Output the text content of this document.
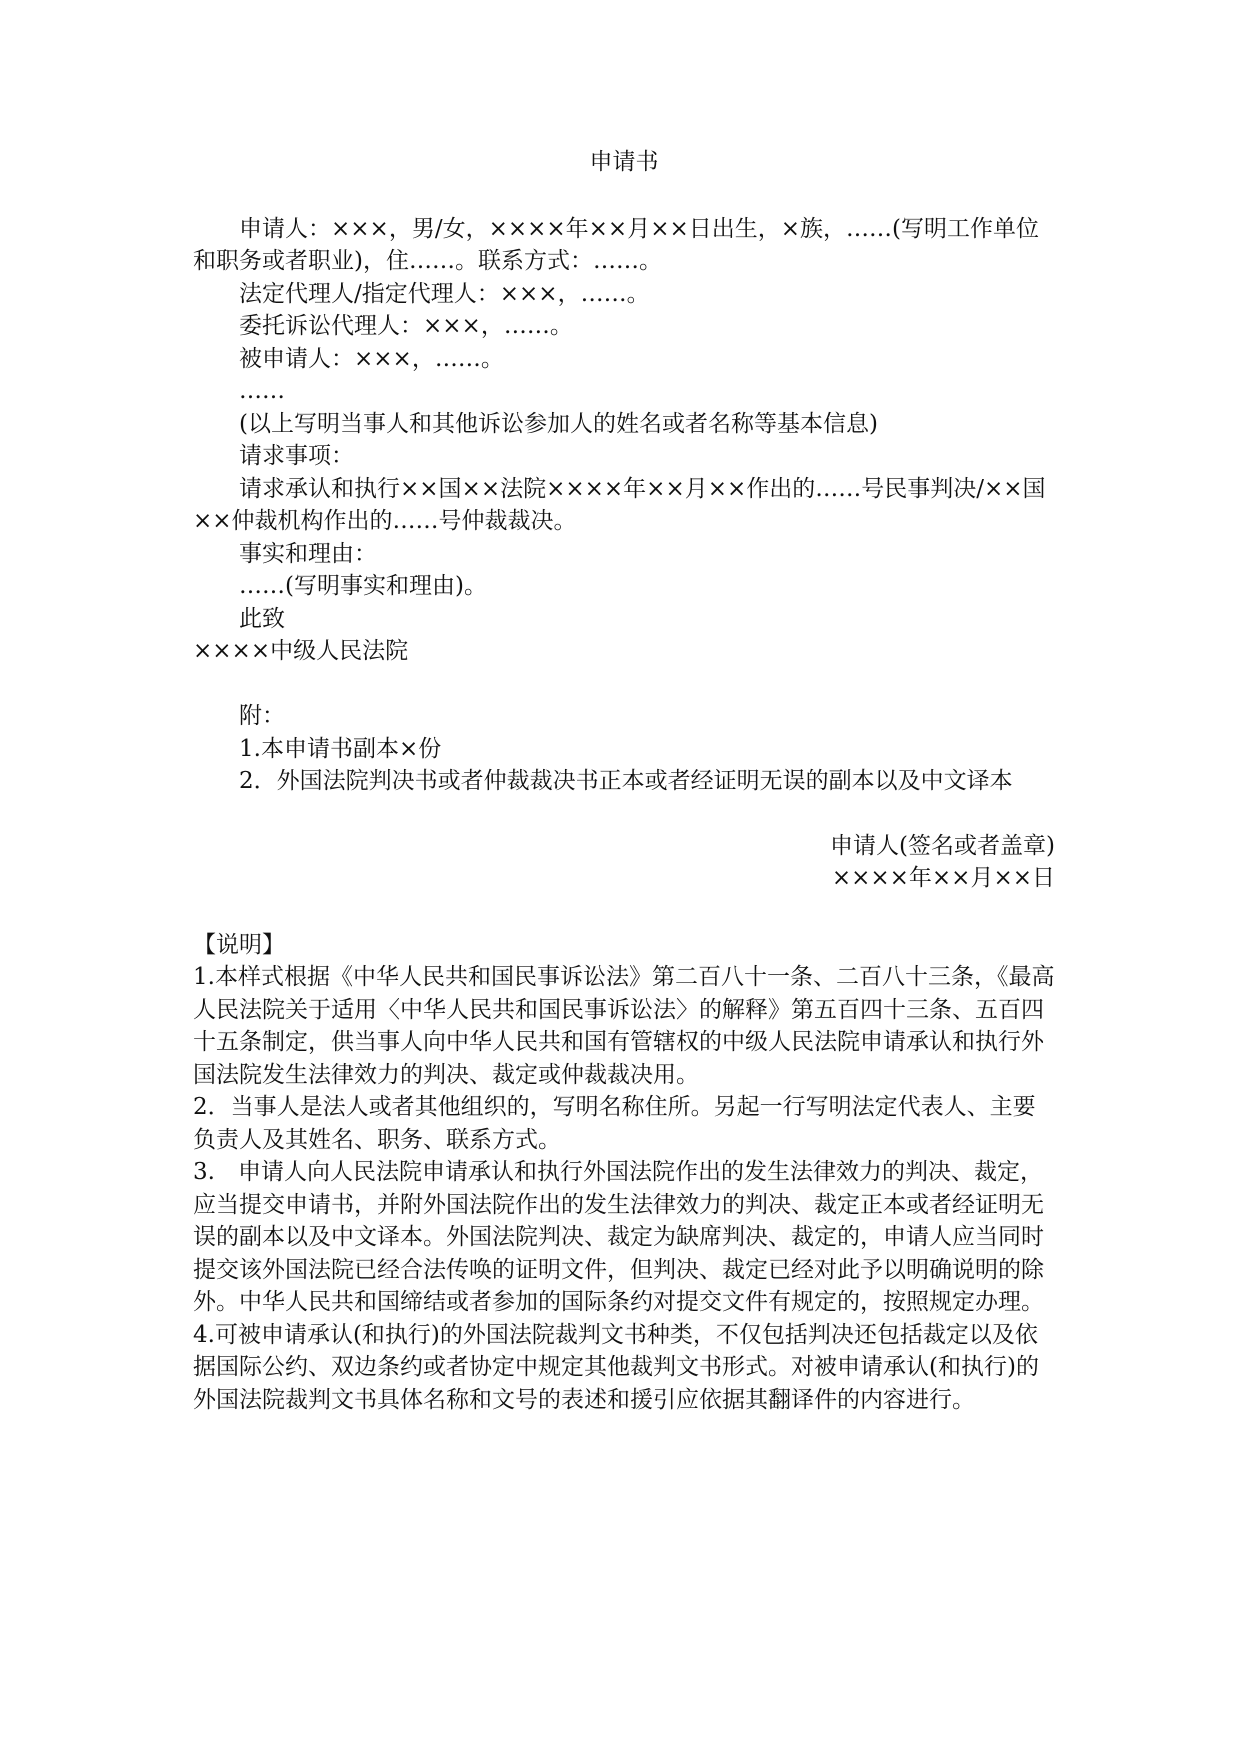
申请书

申请人：×××，男/女，××××年××月××日出生，×族，……(写明工作单位和职务或者职业)，住……。联系方式：……。

法定代理人/指定代理人：×××，……。

委托诉讼代理人：×××，……。

被申请人：×××，……。

……

(以上写明当事人和其他诉讼参加人的姓名或者名称等基本信息)

请求事项：

请求承认和执行××国××法院××××年××月××作出的……号民事判决/××国××仲裁机构作出的……号仲裁裁决。

事实和理由：

……(写明事实和理由)。

此致

××××中级人民法院

附：

1.本申请书副本×份

2．外国法院判决书或者仲裁裁决书正本或者经证明无误的副本以及中文译本

申请人(签名或者盖章)

××××年××月××日

【说明】

1.本样式根据《中华人民共和国民事诉讼法》第二百八十一条、二百八十三条，《最高人民法院关于适用〈中华人民共和国民事诉讼法〉的解释》第五百四十三条、五百四十五条制定，供当事人向中华人民共和国有管辖权的中级人民法院申请承认和执行外国法院发生法律效力的判决、裁定或仲裁裁决用。

2．当事人是法人或者其他组织的，写明名称住所。另起一行写明法定代表人、主要负责人及其姓名、职务、联系方式。

3.　申请人向人民法院申请承认和执行外国法院作出的发生法律效力的判决、裁定，应当提交申请书，并附外国法院作出的发生法律效力的判决、裁定正本或者经证明无误的副本以及中文译本。外国法院判决、裁定为缺席判决、裁定的，申请人应当同时提交该外国法院已经合法传唤的证明文件，但判决、裁定已经对此予以明确说明的除外。中华人民共和国缔结或者参加的国际条约对提交文件有规定的，按照规定办理。

4.可被申请承认(和执行)的外国法院裁判文书种类，不仅包括判决还包括裁定以及依据国际公约、双边条约或者协定中规定其他裁判文书形式。对被申请承认(和执行)的外国法院裁判文书具体名称和文号的表述和援引应依据其翻译件的内容进行。
